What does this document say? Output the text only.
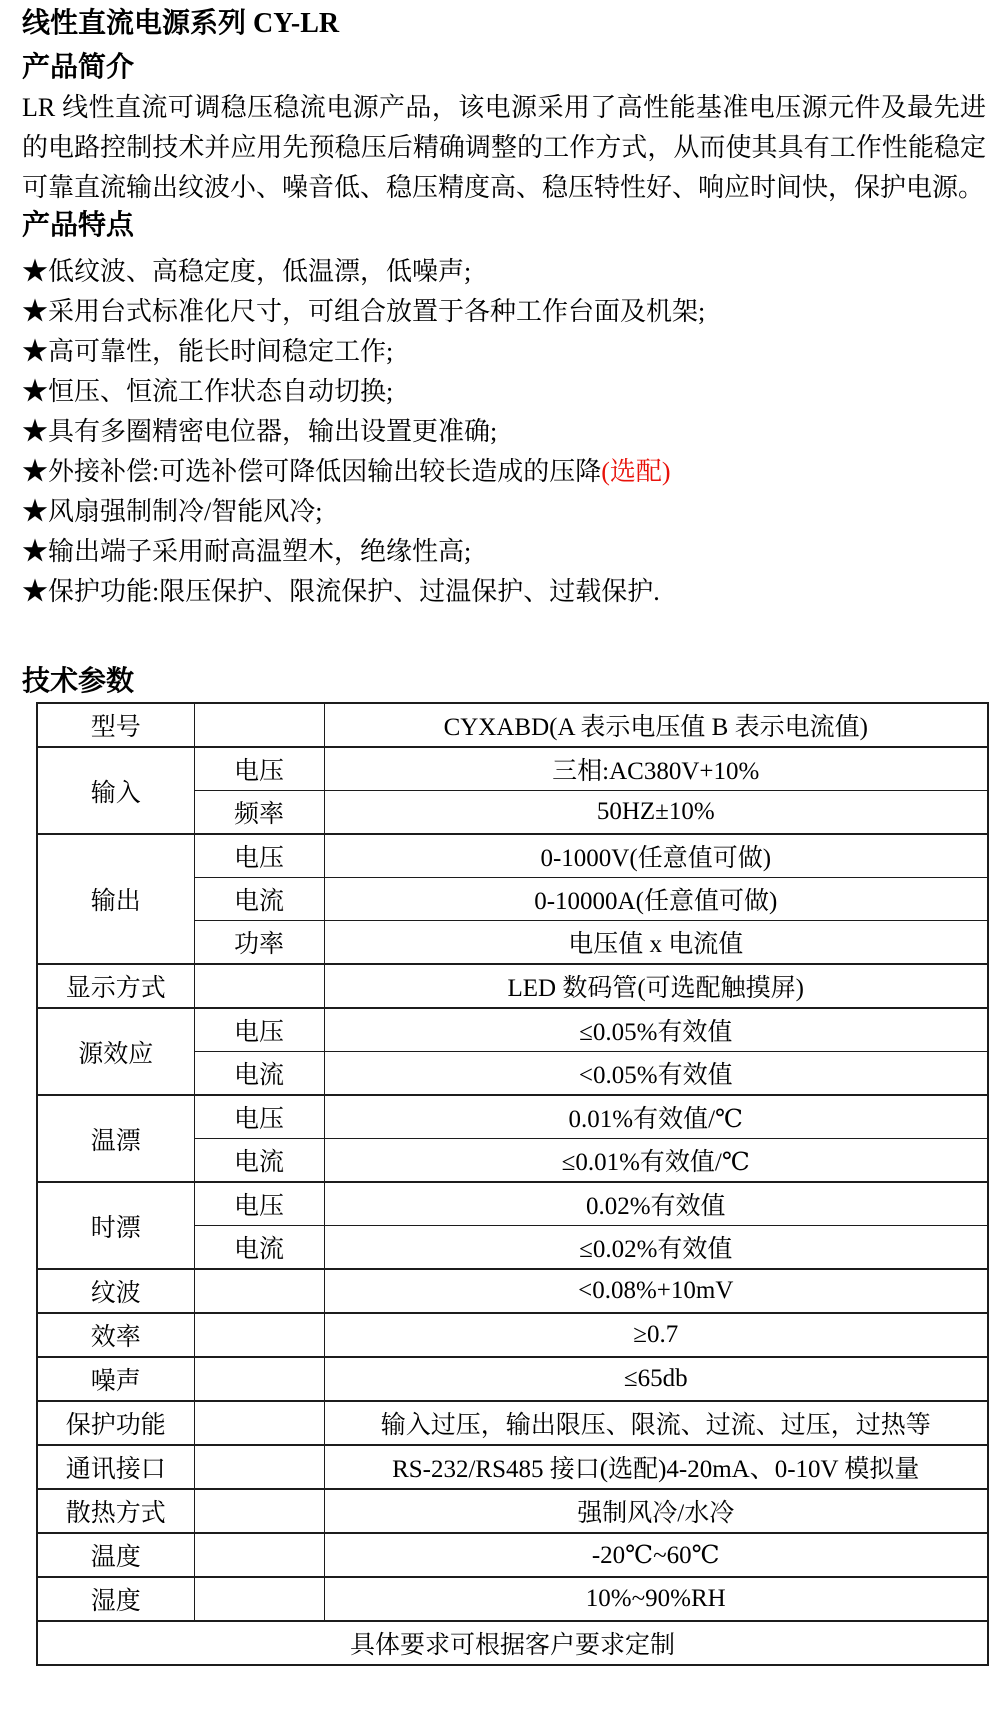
线性直流电源系列 CY-LR
产品简介

LR 线性直流可调稳压稳流电源产品，该电源采用了高性能基准电压源元件及最先进的电路控制技术并应用先预稳压后精确调整的工作方式，从而使其具有工作性能稳定可靠直流输出纹波小、噪音低、稳压精度高、稳压特性好、响应时间快，保护电源。

产品特点
★低纹波、高稳定度，低温漂，低噪声;
★采用台式标准化尺寸，可组合放置于各种工作台面及机架;
★高可靠性，能长时间稳定工作;
★恒压、恒流工作状态自动切换;
★具有多圈精密电位器，输出设置更准确;
★外接补偿:可选补偿可降低因输出较长造成的压降(选配)
★风扇强制制冷/智能风冷;
★输出端子采用耐高温塑木，绝缘性高;
★保护功能:限压保护、限流保护、过温保护、过载保护.
技术参数
型号		CYXABD(A 表示电压值 B 表示电流值)
输入	电压	三相:AC380V+10%
	频率	50HZ±10%
输出	电压	0-1000V(任意值可做)
	电流	0-10000A(任意值可做)
	功率	电压值 x 电流值
显示方式		LED 数码管(可选配触摸屏)
源效应	电压	≤0.05%有效值
	电流	<0.05%有效值
温漂	电压	0.01%有效值/℃
	电流	≤0.01%有效值/℃
时漂	电压	0.02%有效值
	电流	≤0.02%有效值
纹波		<0.08%+10mV
效率		≥0.7
噪声		≤65db
保护功能		输入过压，输出限压、限流、过流、过压，过热等
通讯接口		RS-232/RS485 接口(选配)4-20mA、0-10V 模拟量
散热方式		强制风冷/水冷
温度		-20℃~60℃
湿度		10%~90%RH
具体要求可根据客户要求定制		
